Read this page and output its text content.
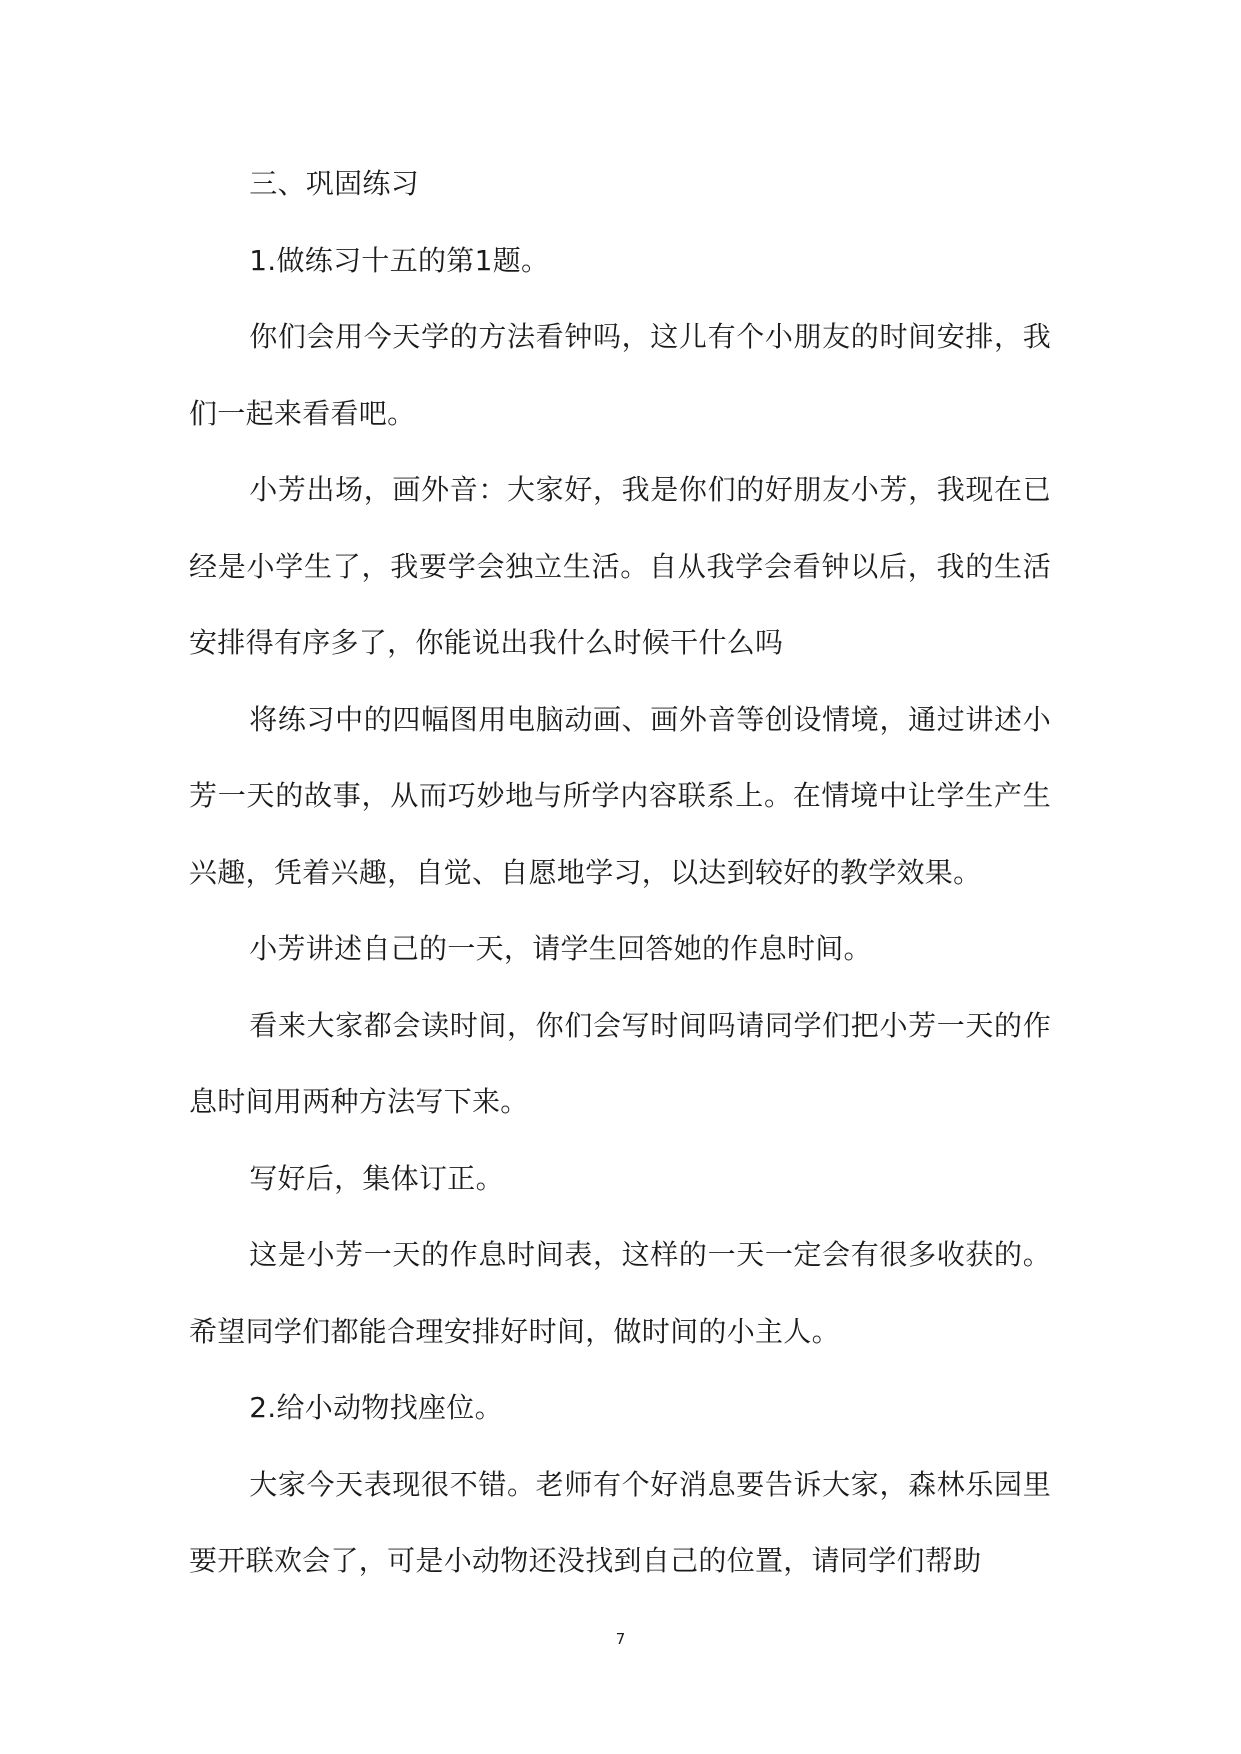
三、巩固练习

1.做练习十五的第1题。

你们会用今天学的方法看钟吗，这儿有个小朋友的时间安排，我们一起来看看吧。

小芳出场，画外音：大家好，我是你们的好朋友小芳，我现在已经是小学生了，我要学会独立生活。自从我学会看钟以后，我的生活安排得有序多了，你能说出我什么时候干什么吗

将练习中的四幅图用电脑动画、画外音等创设情境，通过讲述小芳一天的故事，从而巧妙地与所学内容联系上。在情境中让学生产生兴趣，凭着兴趣，自觉、自愿地学习，以达到较好的教学效果。

小芳讲述自己的一天，请学生回答她的作息时间。

看来大家都会读时间，你们会写时间吗请同学们把小芳一天的作息时间用两种方法写下来。

写好后，集体订正。

这是小芳一天的作息时间表，这样的一天一定会有很多收获的。希望同学们都能合理安排好时间，做时间的小主人。

2.给小动物找座位。

大家今天表现很不错。老师有个好消息要告诉大家，森林乐园里要开联欢会了，可是小动物还没找到自己的位置，请同学们帮助

7
